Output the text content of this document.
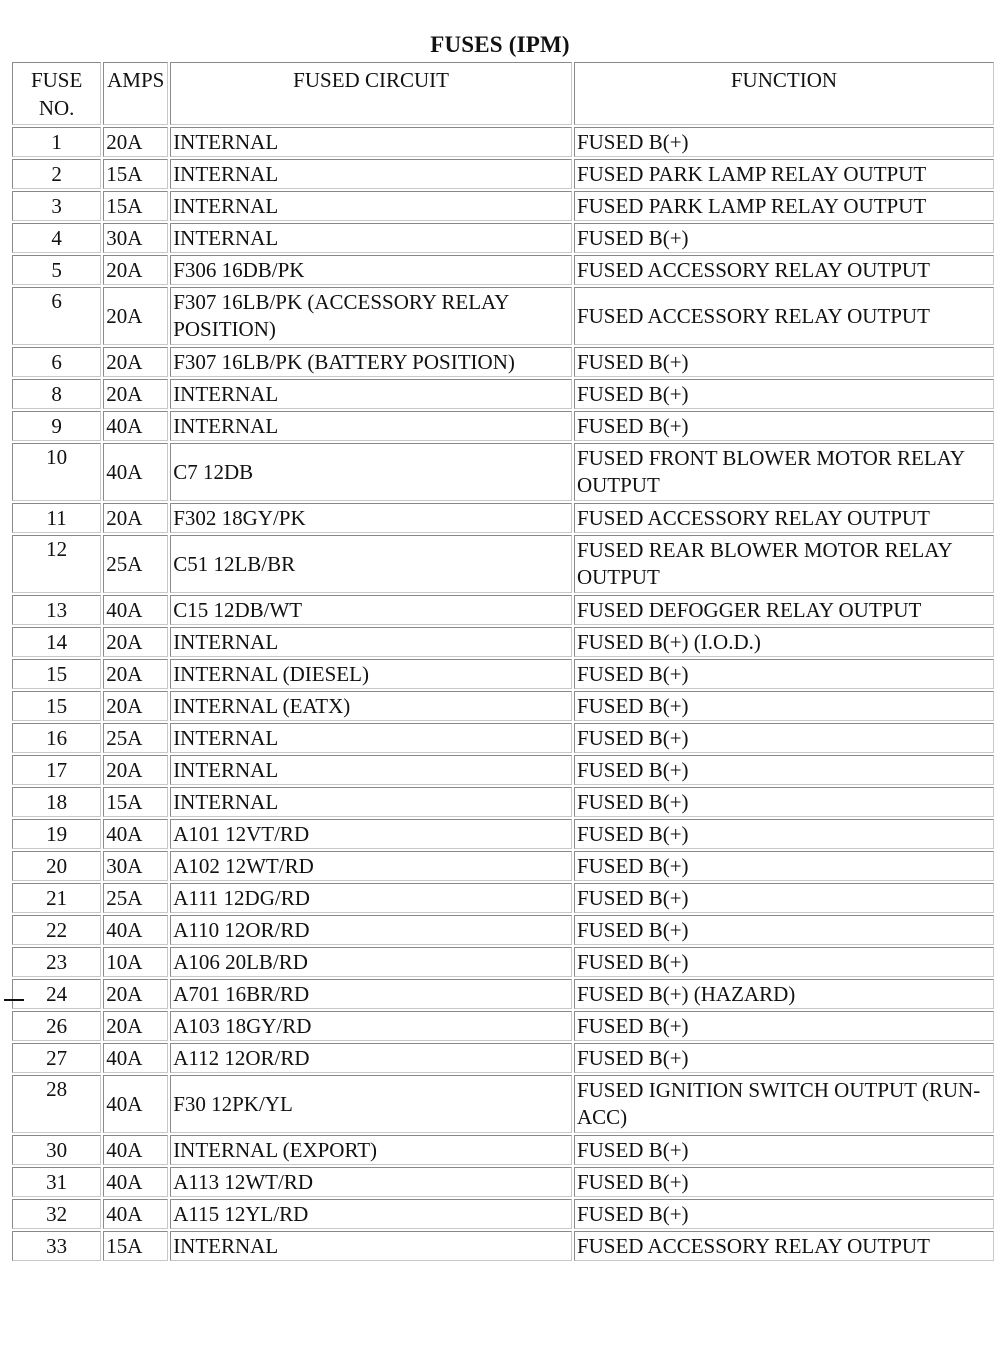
FUSES (IPM)
FUSE NO.	AMPS	FUSED CIRCUIT	FUNCTION
1	20A	INTERNAL	FUSED B(+)
2	15A	INTERNAL	FUSED PARK LAMP RELAY OUTPUT
3	15A	INTERNAL	FUSED PARK LAMP RELAY OUTPUT
4	30A	INTERNAL	FUSED B(+)
5	20A	F306 16DB/PK	FUSED ACCESSORY RELAY OUTPUT
6	20A	F307 16LB/PK (ACCESSORY RELAY POSITION)	FUSED ACCESSORY RELAY OUTPUT
6	20A	F307 16LB/PK (BATTERY POSITION)	FUSED B(+)
8	20A	INTERNAL	FUSED B(+)
9	40A	INTERNAL	FUSED B(+)
10	40A	C7 12DB	FUSED FRONT BLOWER MOTOR RELAY OUTPUT
11	20A	F302 18GY/PK	FUSED ACCESSORY RELAY OUTPUT
12	25A	C51 12LB/BR	FUSED REAR BLOWER MOTOR RELAY OUTPUT
13	40A	C15 12DB/WT	FUSED DEFOGGER RELAY OUTPUT
14	20A	INTERNAL	FUSED B(+) (I.O.D.)
15	20A	INTERNAL (DIESEL)	FUSED B(+)
15	20A	INTERNAL (EATX)	FUSED B(+)
16	25A	INTERNAL	FUSED B(+)
17	20A	INTERNAL	FUSED B(+)
18	15A	INTERNAL	FUSED B(+)
19	40A	A101 12VT/RD	FUSED B(+)
20	30A	A102 12WT/RD	FUSED B(+)
21	25A	A111 12DG/RD	FUSED B(+)
22	40A	A110 12OR/RD	FUSED B(+)
23	10A	A106 20LB/RD	FUSED B(+)
24	20A	A701 16BR/RD	FUSED B(+) (HAZARD)
26	20A	A103 18GY/RD	FUSED B(+)
27	40A	A112 12OR/RD	FUSED B(+)
28	40A	F30 12PK/YL	FUSED IGNITION SWITCH OUTPUT (RUN-ACC)
30	40A	INTERNAL (EXPORT)	FUSED B(+)
31	40A	A113 12WT/RD	FUSED B(+)
32	40A	A115 12YL/RD	FUSED B(+)
33	15A	INTERNAL	FUSED ACCESSORY RELAY OUTPUT
